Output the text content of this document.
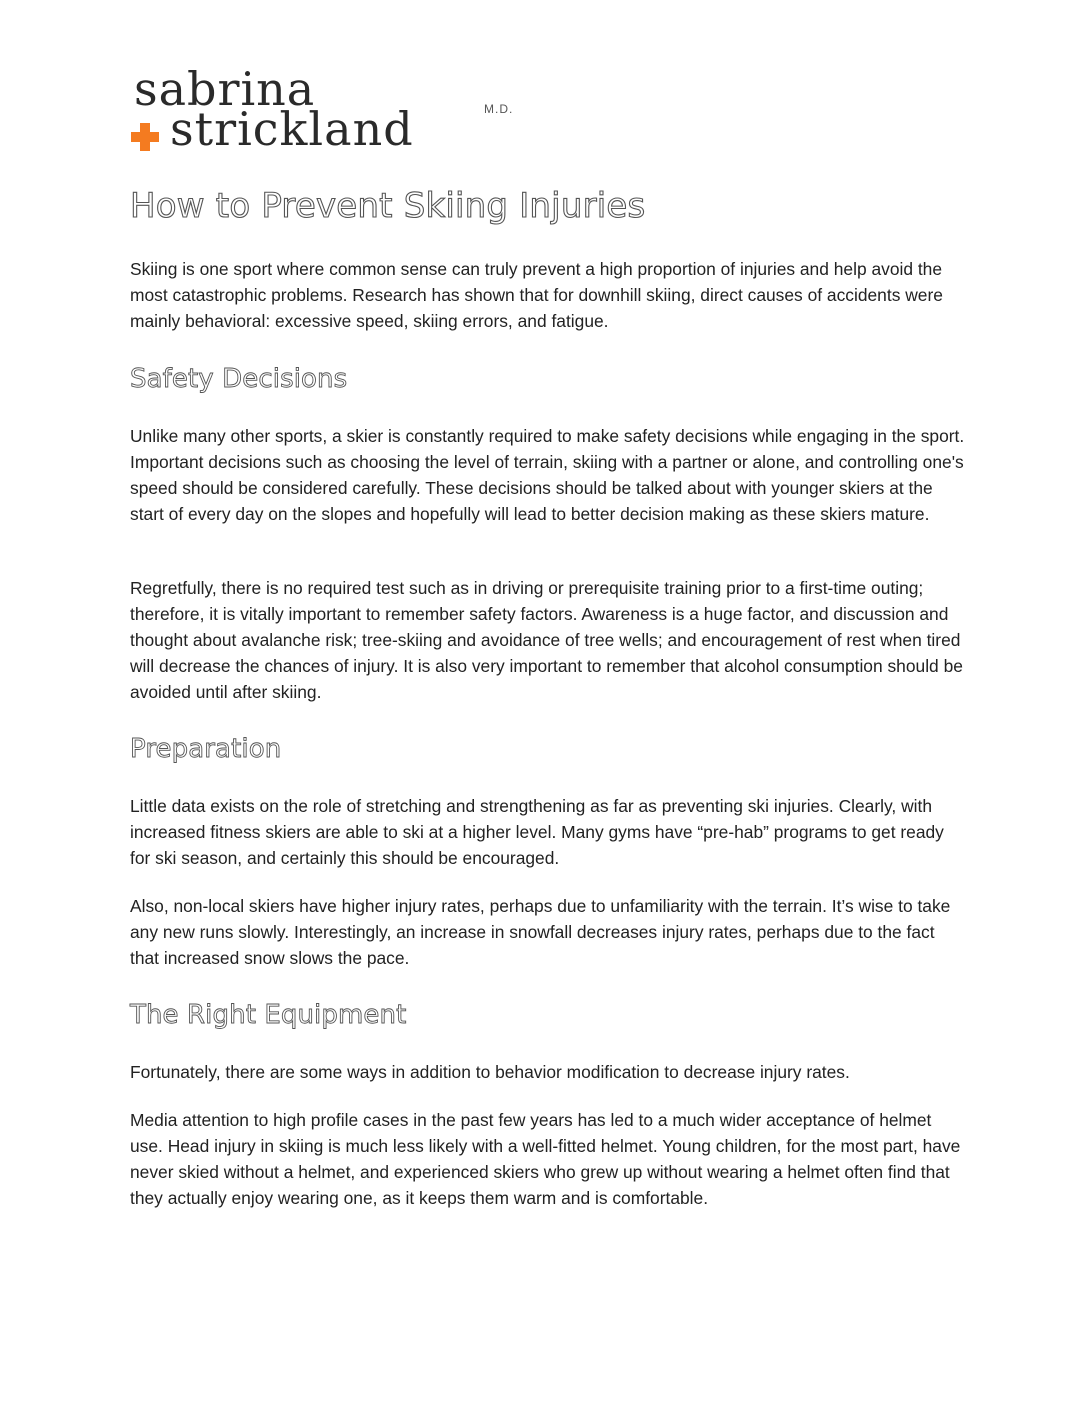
sabrina
strickland	M.D.
How to Prevent Skiing Injuries

Skiing is one sport where common sense can truly prevent a high proportion of injuries and help avoid the most catastrophic problems. Research has shown that for downhill skiing, direct causes of accidents were mainly behavioral: excessive speed, skiing errors, and fatigue.

Safety Decisions

Unlike many other sports, a skier is constantly required to make safety decisions while engaging in the sport. Important decisions such as choosing the level of terrain, skiing with a partner or alone, and controlling one's speed should be considered carefully. These decisions should be talked about with younger skiers at the start of every day on the slopes and hopefully will lead to better decision making as these skiers mature.

Regretfully, there is no required test such as in driving or prerequisite training prior to a first-time outing; therefore, it is vitally important to remember safety factors. Awareness is a huge factor, and discussion and thought about avalanche risk; tree-skiing and avoidance of tree wells; and encouragement of rest when tired will decrease the chances of injury. It is also very important to remember that alcohol consumption should be avoided until after skiing.

Preparation

Little data exists on the role of stretching and strengthening as far as preventing ski injuries. Clearly, with increased fitness skiers are able to ski at a higher level. Many gyms have “pre-hab” programs to get ready for ski season, and certainly this should be encouraged.

Also, non-local skiers have higher injury rates, perhaps due to unfamiliarity with the terrain. It’s wise to take any new runs slowly. Interestingly, an increase in snowfall decreases injury rates, perhaps due to the fact that increased snow slows the pace.

The Right Equipment

Fortunately, there are some ways in addition to behavior modification to decrease injury rates.

Media attention to high profile cases in the past few years has led to a much wider acceptance of helmet use. Head injury in skiing is much less likely with a well-fitted helmet. Young children, for the most part, have never skied without a helmet, and experienced skiers who grew up without wearing a helmet often find that they actually enjoy wearing one, as it keeps them warm and is comfortable.
